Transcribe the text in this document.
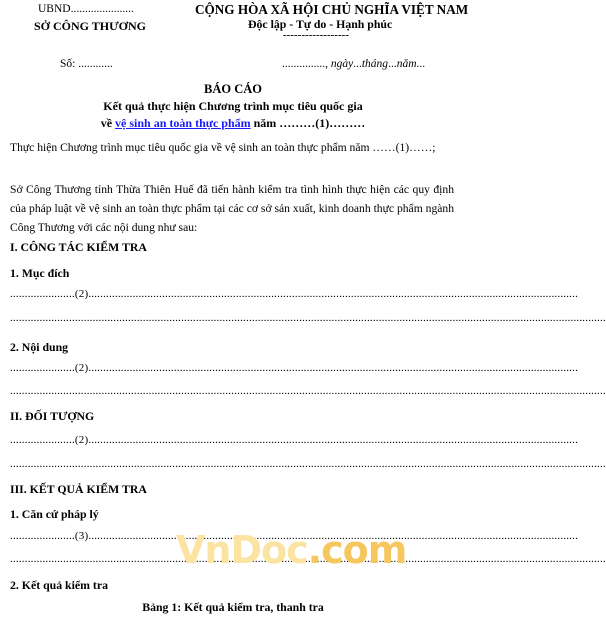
UBND......................
SỞ CÔNG THƯƠNG
CỘNG HÒA XÃ HỘI CHỦ NGHĨA VIỆT NAM
Độc lập - Tự do - Hạnh phúc
------------------
Số: ............	..............., ngày...tháng...năm...
BÁO CÁO
Kết quả thực hiện Chương trình mục tiêu quốc gia
về vệ sinh an toàn thực phẩm năm ………(1)………
Thực hiện Chương trình mục tiêu quốc gia về vệ sinh an toàn thực phẩm năm ……(1)……;
Sở Công Thương tỉnh Thừa Thiên Huế đã tiến hành kiểm tra tình hình thực hiện các quy định của pháp luật về vệ sinh an toàn thực phẩm tại các cơ sở sản xuất, kinh doanh thực phẩm ngành Công Thương với các nội dung như sau:
I. CÔNG TÁC KIỂM TRA
1. Mục đích
......................(2)......................................................................................................................................................................
..........................................................................................................................................................................................................
2. Nội dung
......................(2)......................................................................................................................................................................
..........................................................................................................................................................................................................
II. ĐỐI TƯỢNG
......................(2)......................................................................................................................................................................
..........................................................................................................................................................................................................
III. KẾT QUẢ KIỂM TRA
1. Căn cứ pháp lý
......................(3)......................................................................................................................................................................
..........................................................................................................................................................................................................
2. Kết quả kiểm tra
Bảng 1: Kết quả kiểm tra, thanh tra
VnDoc.com
